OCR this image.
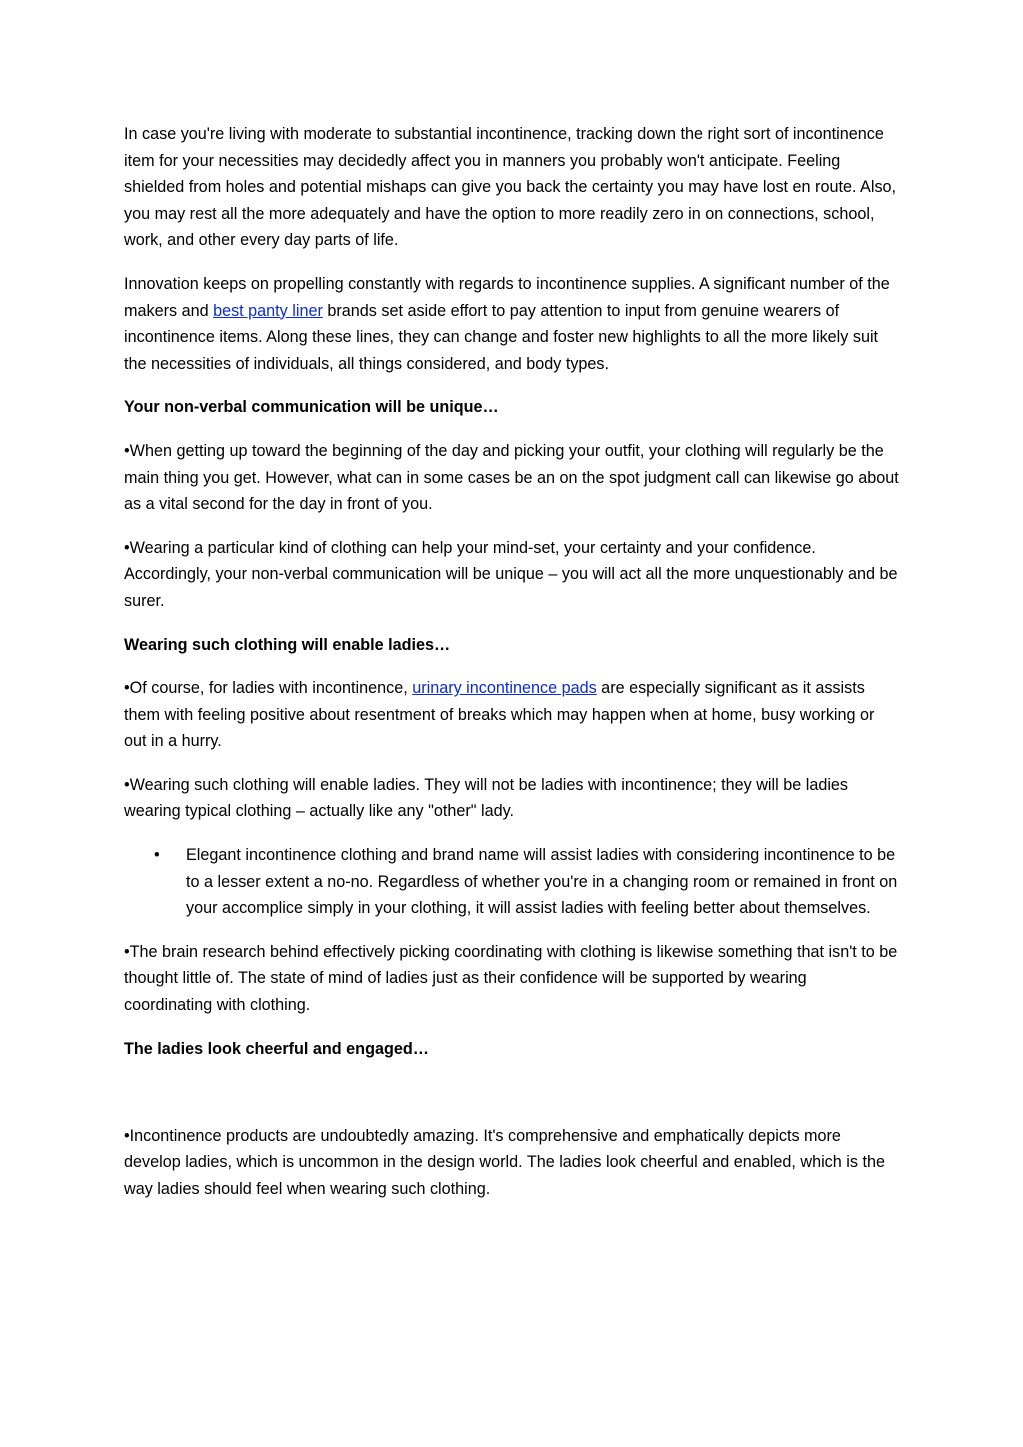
In case you're living with moderate to substantial incontinence, tracking down the right sort of incontinence item for your necessities may decidedly affect you in manners you probably won't anticipate. Feeling shielded from holes and potential mishaps can give you back the certainty you may have lost en route. Also, you may rest all the more adequately and have the option to more readily zero in on connections, school, work, and other every day parts of life.

Innovation keeps on propelling constantly with regards to incontinence supplies. A significant number of the makers and best panty liner brands set aside effort to pay attention to input from genuine wearers of incontinence items. Along these lines, they can change and foster new highlights to all the more likely suit the necessities of individuals, all things considered, and body types.

Your non-verbal communication will be unique…

•When getting up toward the beginning of the day and picking your outfit, your clothing will regularly be the main thing you get. However, what can in some cases be an on the spot judgment call can likewise go about as a vital second for the day in front of you.

•Wearing a particular kind of clothing can help your mind-set, your certainty and your confidence. Accordingly, your non-verbal communication will be unique – you will act all the more unquestionably and be surer.

Wearing such clothing will enable ladies…

•Of course, for ladies with incontinence, urinary incontinence pads are especially significant as it assists them with feeling positive about resentment of breaks which may happen when at home, busy working or out in a hurry.

•Wearing such clothing will enable ladies. They will not be ladies with incontinence; they will be ladies wearing typical clothing – actually like any "other" lady.

• Elegant incontinence clothing and brand name will assist ladies with considering incontinence to be to a lesser extent a no-no. Regardless of whether you're in a changing room or remained in front on your accomplice simply in your clothing, it will assist ladies with feeling better about themselves.

•The brain research behind effectively picking coordinating with clothing is likewise something that isn't to be thought little of. The state of mind of ladies just as their confidence will be supported by wearing coordinating with clothing.

The ladies look cheerful and engaged…

•Incontinence products are undoubtedly amazing. It's comprehensive and emphatically depicts more develop ladies, which is uncommon in the design world. The ladies look cheerful and enabled, which is the way ladies should feel when wearing such clothing.
